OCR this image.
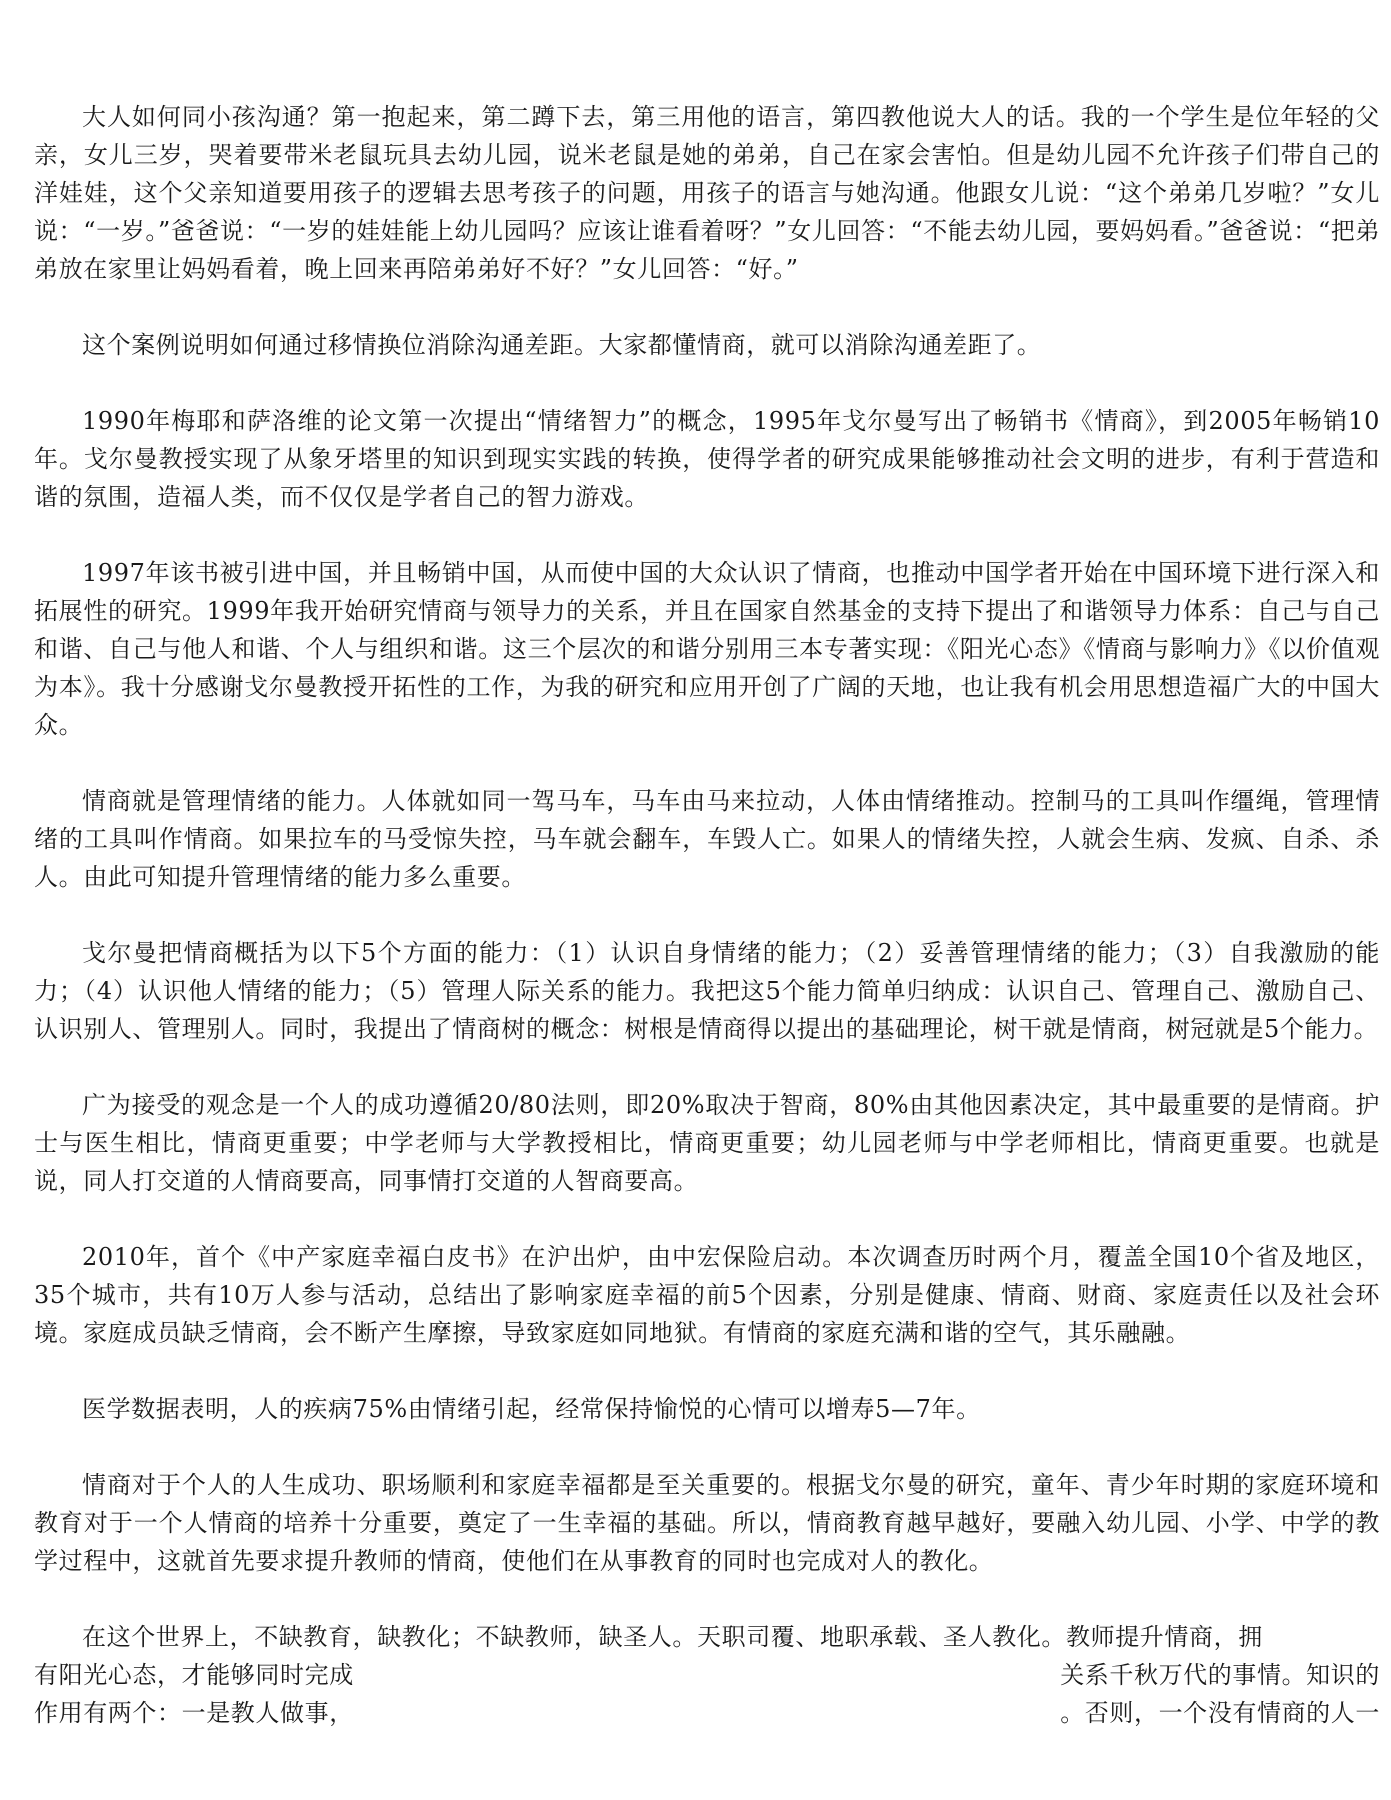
大人如何同小孩沟通？第一抱起来，第二蹲下去，第三用他的语言，第四教他说大人的话。我的一个学生是位年轻的父亲，女儿三岁，哭着要带米老鼠玩具去幼儿园，说米老鼠是她的弟弟，自己在家会害怕。但是幼儿园不允许孩子们带自己的洋娃娃，这个父亲知道要用孩子的逻辑去思考孩子的问题，用孩子的语言与她沟通。他跟女儿说：“这个弟弟几岁啦？”女儿说：“一岁。”爸爸说：“一岁的娃娃能上幼儿园吗？应该让谁看着呀？”女儿回答：“不能去幼儿园，要妈妈看。”爸爸说：“把弟弟放在家里让妈妈看着，晚上回来再陪弟弟好不好？”女儿回答：“好。”

这个案例说明如何通过移情换位消除沟通差距。大家都懂情商，就可以消除沟通差距了。

1990年梅耶和萨洛维的论文第一次提出“情绪智力”的概念，1995年戈尔曼写出了畅销书《情商》，到2005年畅销10年。戈尔曼教授实现了从象牙塔里的知识到现实实践的转换，使得学者的研究成果能够推动社会文明的进步，有利于营造和谐的氛围，造福人类，而不仅仅是学者自己的智力游戏。

1997年该书被引进中国，并且畅销中国，从而使中国的大众认识了情商，也推动中国学者开始在中国环境下进行深入和拓展性的研究。1999年我开始研究情商与领导力的关系，并且在国家自然基金的支持下提出了和谐领导力体系：自己与自己和谐、自己与他人和谐、个人与组织和谐。这三个层次的和谐分别用三本专著实现：《阳光心态》《情商与影响力》《以价值观为本》。我十分感谢戈尔曼教授开拓性的工作，为我的研究和应用开创了广阔的天地，也让我有机会用思想造福广大的中国大众。

情商就是管理情绪的能力。人体就如同一驾马车，马车由马来拉动，人体由情绪推动。控制马的工具叫作缰绳，管理情绪的工具叫作情商。如果拉车的马受惊失控，马车就会翻车，车毁人亡。如果人的情绪失控，人就会生病、发疯、自杀、杀人。由此可知提升管理情绪的能力多么重要。

戈尔曼把情商概括为以下5个方面的能力：（1）认识自身情绪的能力；（2）妥善管理情绪的能力；（3）自我激励的能力；（4）认识他人情绪的能力；（5）管理人际关系的能力。我把这5个能力简单归纳成：认识自己、管理自己、激励自己、认识别人、管理别人。同时，我提出了情商树的概念：树根是情商得以提出的基础理论，树干就是情商，树冠就是5个能力。

广为接受的观念是一个人的成功遵循20/80法则，即20%取决于智商，80%由其他因素决定，其中最重要的是情商。护士与医生相比，情商更重要；中学老师与大学教授相比，情商更重要；幼儿园老师与中学老师相比，情商更重要。也就是说，同人打交道的人情商要高，同事情打交道的人智商要高。

2010年，首个《中产家庭幸福白皮书》在沪出炉，由中宏保险启动。本次调查历时两个月，覆盖全国10个省及地区，35个城市，共有10万人参与活动，总结出了影响家庭幸福的前5个因素，分别是健康、情商、财商、家庭责任以及社会环境。家庭成员缺乏情商，会不断产生摩擦，导致家庭如同地狱。有情商的家庭充满和谐的空气，其乐融融。

医学数据表明，人的疾病75%由情绪引起，经常保持愉悦的心情可以增寿5—7年。

情商对于个人的人生成功、职场顺利和家庭幸福都是至关重要的。根据戈尔曼的研究，童年、青少年时期的家庭环境和教育对于一个人情商的培养十分重要，奠定了一生幸福的基础。所以，情商教育越早越好，要融入幼儿园、小学、中学的教学过程中，这就首先要求提升教师的情商，使他们在从事教育的同时也完成对人的教化。

在这个世界上，不缺教育，缺教化；不缺教师，缺圣人。天职司覆、地职承载、圣人教化。教师提升情商，拥

有阳光心态，才能够同时完成	关系千秋万代的事情。知识的
作用有两个：一是教人做事，	。否则，一个没有情商的人一
